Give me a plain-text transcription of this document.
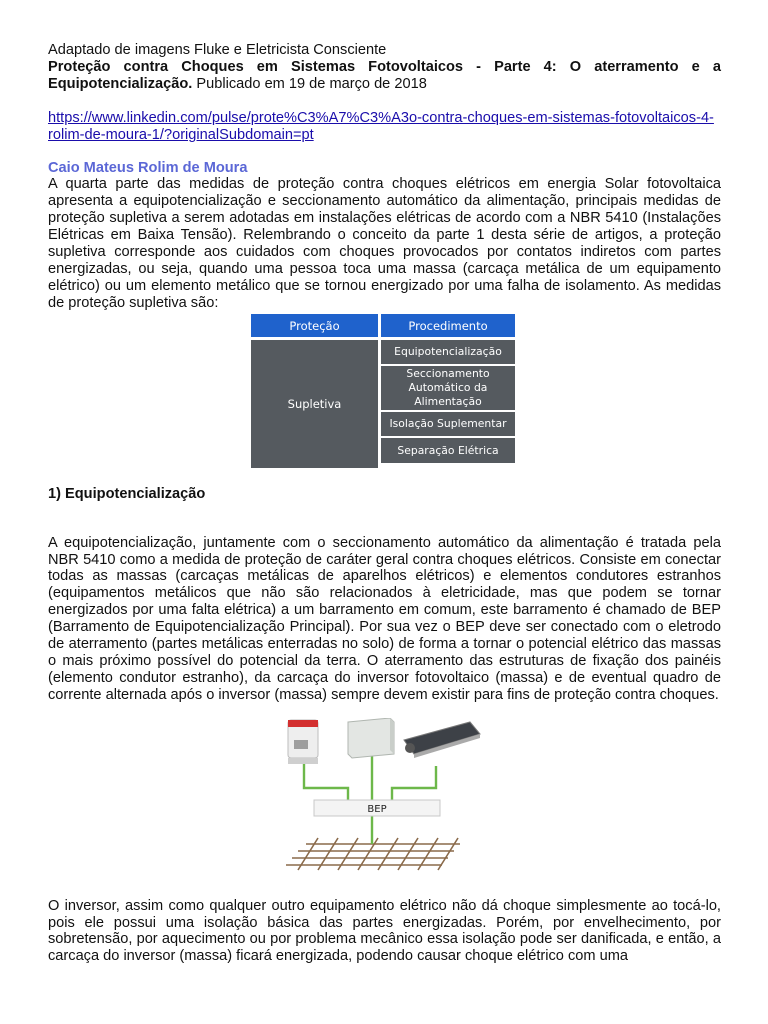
Adaptado de imagens Fluke e Eletricista Consciente

Proteção contra Choques em Sistemas Fotovoltaicos - Parte 4: O aterramento e a Equipotencialização. Publicado em 19 de março de 2018

https://www.linkedin.com/pulse/prote%C3%A7%C3%A3o-contra-choques-em-sistemas-fotovoltaicos-4-rolim-de-moura-1/?originalSubdomain=pt

Caio Mateus Rolim de Moura

A quarta parte das medidas de proteção contra choques elétricos em energia Solar fotovoltaica apresenta a equipotencialização e seccionamento automático da alimentação, principais medidas de proteção supletiva a serem adotadas em instalações elétricas de acordo com a NBR 5410 (Instalações Elétricas em Baixa Tensão). Relembrando o conceito da parte 1 desta série de artigos, a proteção supletiva corresponde aos cuidados com choques provocados por contatos indiretos com partes energizadas, ou seja, quando uma pessoa toca uma massa (carcaça metálica de um equipamento elétrico) ou um elemento metálico que se tornou energizado por uma falha de isolamento. As medidas de proteção supletiva são:

Proteção	Procedimento
Supletiva
Equipotencialização
Seccionamento Automático da Alimentação
Isolação Suplementar
Separação Elétrica
1) Equipotencialização

A equipotencialização, juntamente com o seccionamento automático da alimentação é tratada pela NBR 5410 como a medida de proteção de caráter geral contra choques elétricos. Consiste em conectar todas as massas (carcaças metálicas de aparelhos elétricos) e elementos condutores estranhos (equipamentos metálicos que não são relacionados à eletricidade, mas que podem se tornar energizados por uma falta elétrica) a um barramento em comum, este barramento é chamado de BEP (Barramento de Equipotencialização Principal). Por sua vez o BEP deve ser conectado com o eletrodo de aterramento (partes metálicas enterradas no solo) de forma a tornar o potencial elétrico das massas o mais próximo possível do potencial da terra. O aterramento das estruturas de fixação dos painéis (elemento condutor estranho), da carcaça do inversor fotovoltaico (massa) e de eventual quadro de corrente alternada após o inversor (massa) sempre devem existir para fins de proteção contra choques.

BEP

O inversor, assim como qualquer outro equipamento elétrico não dá choque simplesmente ao tocá-lo, pois ele possui uma isolação básica das partes energizadas. Porém, por envelhecimento, por sobretensão, por aquecimento ou por problema mecânico essa isolação pode ser danificada, e então, a carcaça do inversor (massa) ficará energizada, podendo causar choque elétrico com uma
